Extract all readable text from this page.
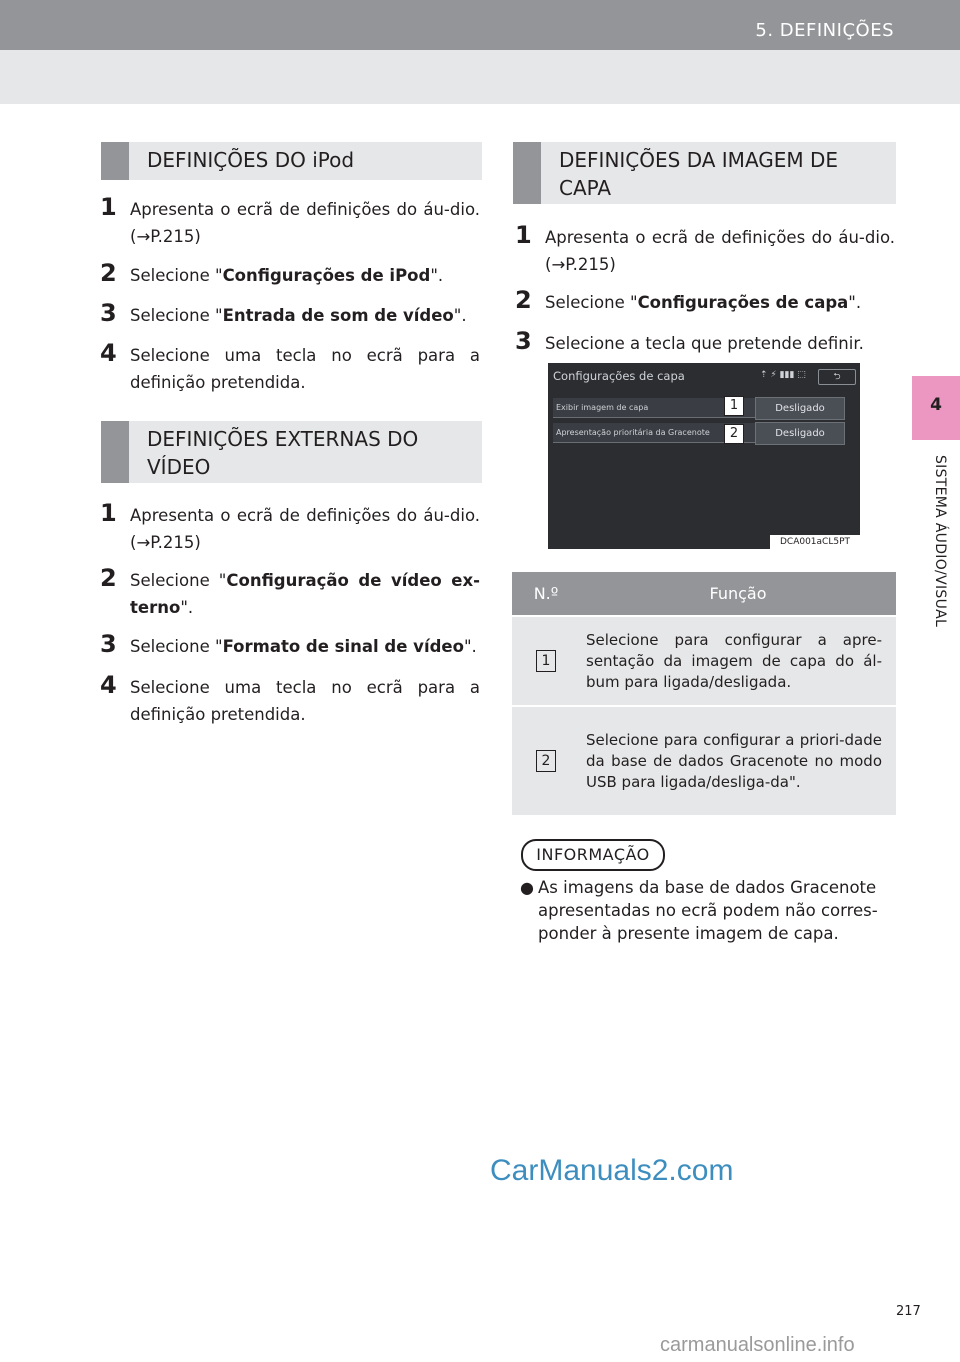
5. DEFINIÇÕES
4
SISTEMA ÁUDIO/VISUAL
DEFINIÇÕES DO iPod
1 Apresenta o ecrã de definições do áu-dio. (→P.215)
2 Selecione "Configurações de iPod".
3 Selecione "Entrada de som de vídeo".
4 Selecione uma tecla no ecrã para a definição pretendida.
DEFINIÇÕES EXTERNAS DO
VÍDEO
1 Apresenta o ecrã de definições do áu-dio. (→P.215)
2 Selecione "Configuração de vídeo ex-terno".
3 Selecione "Formato de sinal de vídeo".
4 Selecione uma tecla no ecrã para a definição pretendida.
DEFINIÇÕES DA IMAGEM DE
CAPA
1 Apresenta o ecrã de definições do áu-dio. (→P.215)
2 Selecione "Configurações de capa".
3 Selecione a tecla que pretende definir.
Configurações de capa	⇡ ⚡ ▮▮▮ ⬚	⮌
Exibir imagem de capa	Desligado
1
Apresentação prioritária da Gracenote	Desligado
2
DCA001aCL5PT
N.º	Função
1	Selecione para configurar a apre-sentação da imagem de capa do ál-bum para ligada/desligada.
2	Selecione para configurar a priori-dade da base de dados Gracenote no modo USB para ligada/desliga-da".
INFORMAÇÃO
● As imagens da base de dados Gracenote apresentadas no ecrã podem não corres-ponder à presente imagem de capa.
217
CarManuals2.com
carmanualsonline.info
